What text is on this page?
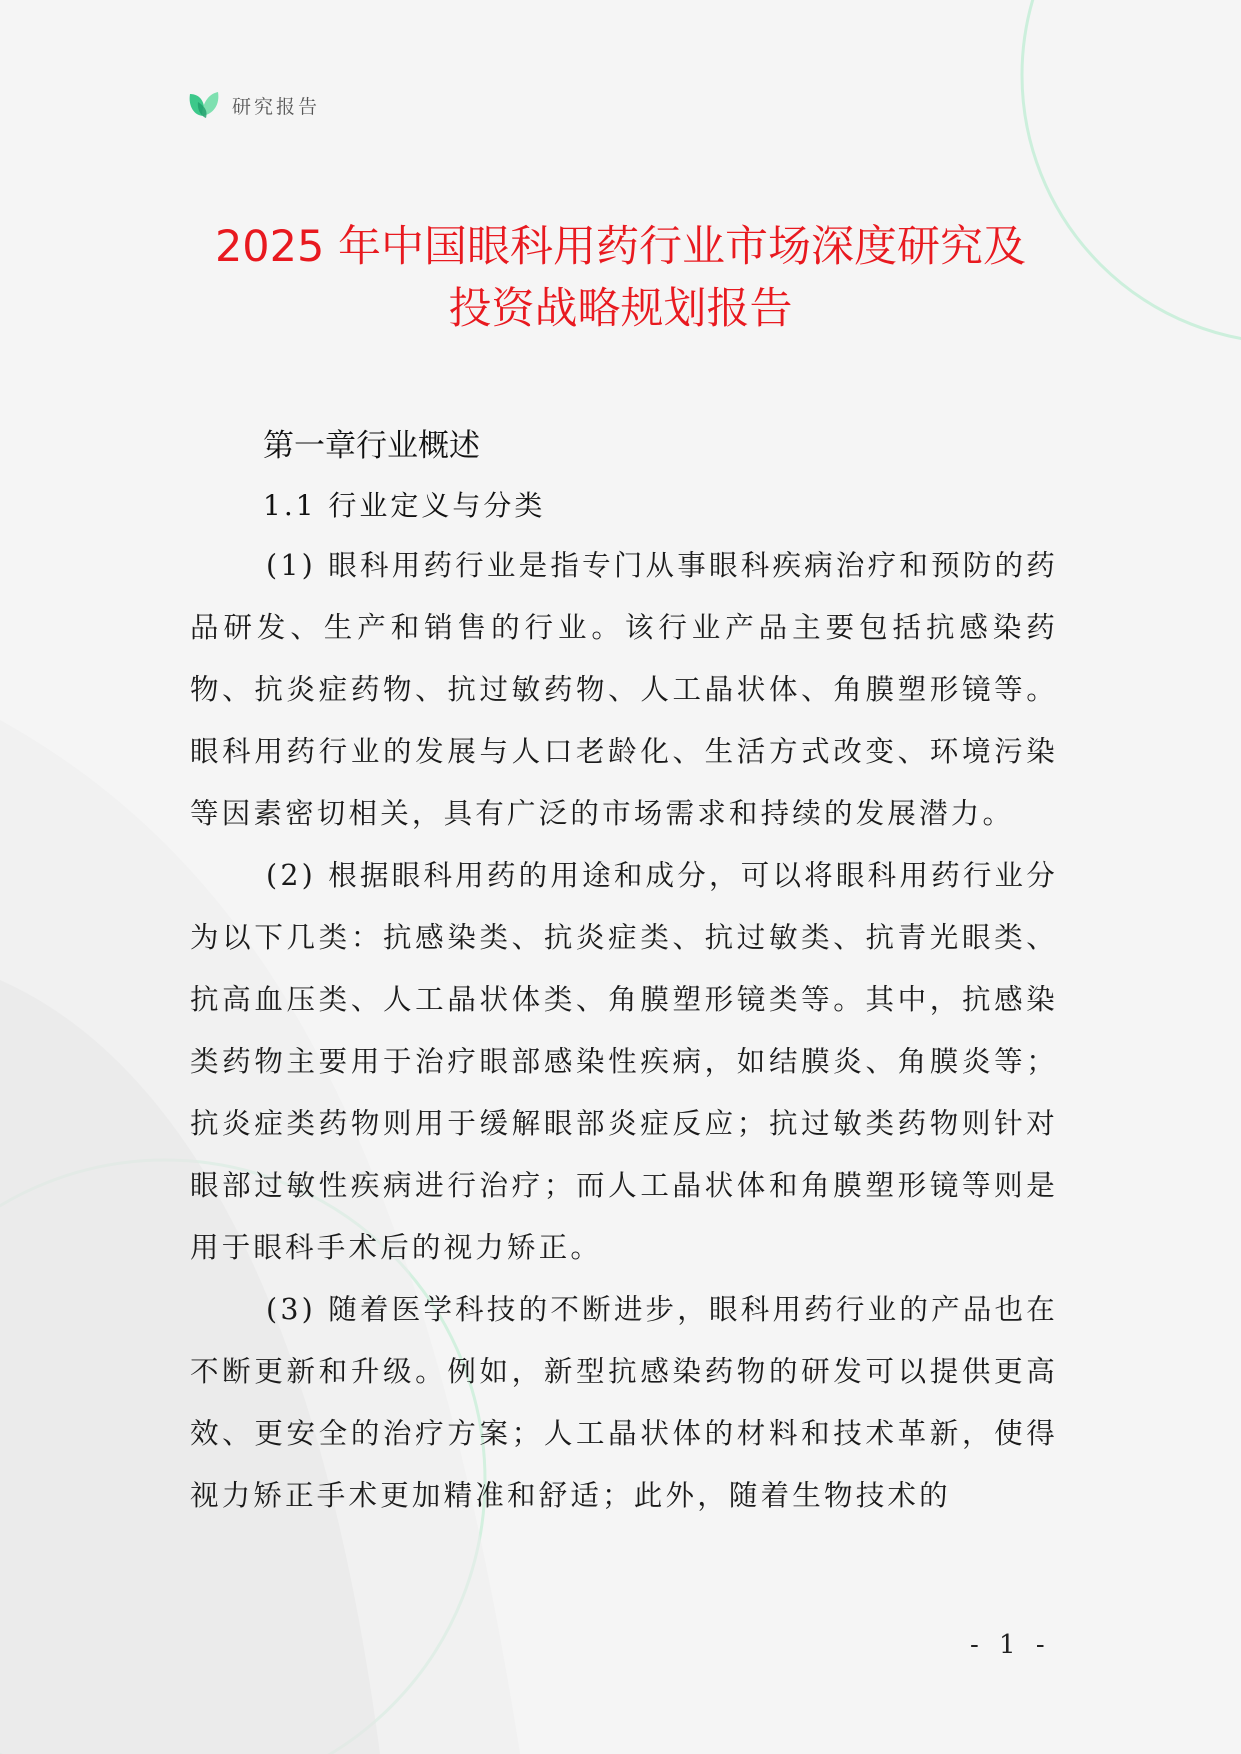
研究报告
2025 年中国眼科用药行业市场深度研究及
投资战略规划报告
第一章行业概述
1.1 行业定义与分类

(1) 眼科用药行业是指专门从事眼科疾病治疗和预防的药品研发、生产和销售的行业。该行业产品主要包括抗感染药物、抗炎症药物、抗过敏药物、人工晶状体、角膜塑形镜等。眼科用药行业的发展与人口老龄化、生活方式改变、环境污染等因素密切相关，具有广泛的市场需求和持续的发展潜力。

(2) 根据眼科用药的用途和成分，可以将眼科用药行业分为以下几类：抗感染类、抗炎症类、抗过敏类、抗青光眼类、抗高血压类、人工晶状体类、角膜塑形镜类等。其中，抗感染类药物主要用于治疗眼部感染性疾病，如结膜炎、角膜炎等；抗炎症类药物则用于缓解眼部炎症反应；抗过敏类药物则针对眼部过敏性疾病进行治疗；而人工晶状体和角膜塑形镜等则是用于眼科手术后的视力矫正。

(3) 随着医学科技的不断进步，眼科用药行业的产品也在不断更新和升级。例如，新型抗感染药物的研发可以提供更高效、更安全的治疗方案；人工晶状体的材料和技术革新，使得视力矫正手术更加精准和舒适；此外，随着生物技术的

- 1 -
